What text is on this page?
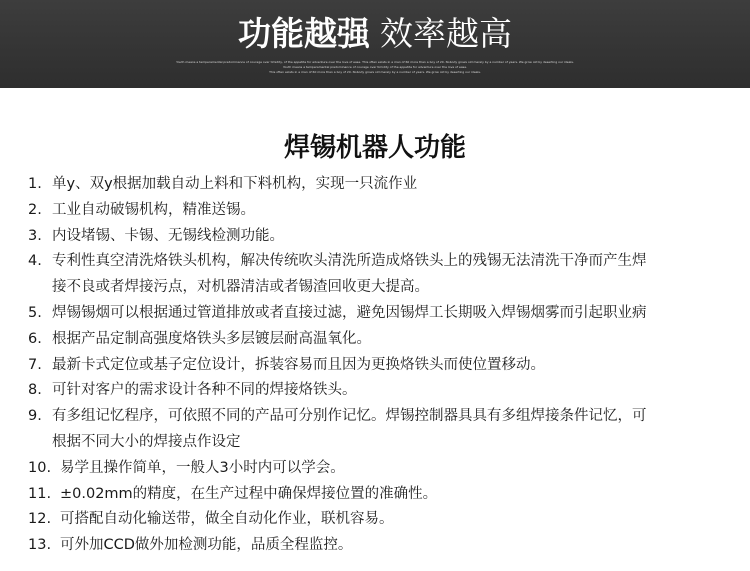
功能越强 效率越高
Youth means a temperamental predominance of courage over timidity, of the appetite for adventure over the love of ease. This often exists in a man of 60 more than a boy of 20. Nobody grows old merely by a number of years. We grow old by deserting our ideals.
Youth means a temperamental predominance of courage over timidity of the appetite for adventure over the love of ease.
This often exists in a man of 60 more than a boy of 20. Nobody grows old merely by a number of years. We grow old by deserting our ideals.
焊锡机器人功能
1. 单y、双y根据加载自动上料和下料机构，实现一只流作业
2. 工业自动破锡机构，精准送锡。
3. 内设堵锡、卡锡、无锡线检测功能。
4. 专利性真空清洗烙铁头机构，解决传统吹头清洗所造成烙铁头上的残锡无法清洗干净而产生焊
接不良或者焊接污点，对机器清洁或者锡渣回收更大提高。
5. 焊锡锡烟可以根据通过管道排放或者直接过滤，避免因锡焊工长期吸入焊锡烟雾而引起职业病
6. 根据产品定制高强度烙铁头多层镀层耐高温氧化。
7. 最新卡式定位或基子定位设计，拆装容易而且因为更换烙铁头而使位置移动。
8. 可针对客户的需求设计各种不同的焊接烙铁头。
9. 有多组记忆程序，可依照不同的产品可分别作记忆。焊锡控制器具具有多组焊接条件记忆，可
根据不同大小的焊接点作设定
10. 易学且操作简单，一般人3小时内可以学会。
11. ±0.02mm的精度，在生产过程中确保焊接位置的准确性。
12. 可搭配自动化输送带，做全自动化作业，联机容易。
13. 可外加CCD做外加检测功能，品质全程监控。
